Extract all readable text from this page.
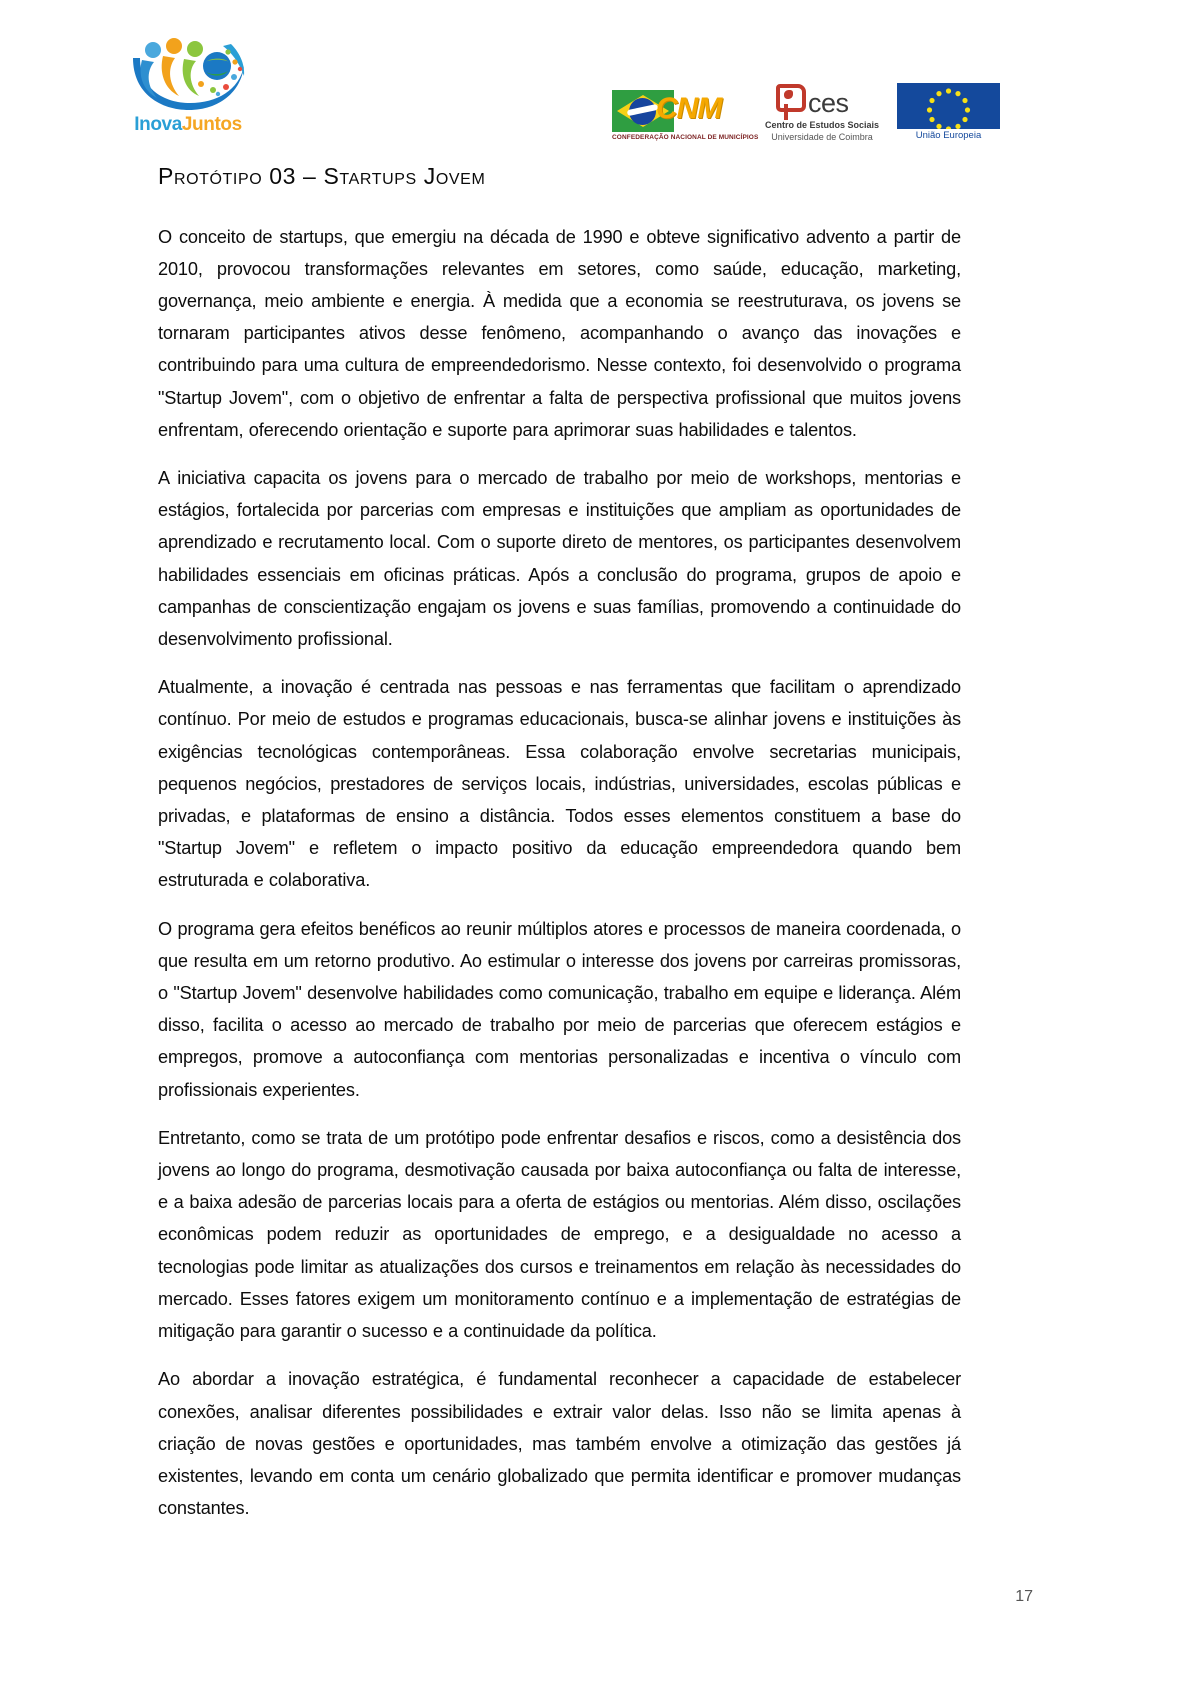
InovaJuntos	CNM
CONFEDERAÇÃO NACIONAL DE MUNICÍPIOS
ces
Centro de Estudos Sociais
Universidade de Coimbra	União Europeia
Protótipo 03 – Startups Jovem

O conceito de startups, que emergiu na década de 1990 e obteve significativo advento a partir de 2010, provocou transformações relevantes em setores, como saúde, educação, marketing, governança, meio ambiente e energia. À medida que a economia se reestruturava, os jovens se tornaram participantes ativos desse fenômeno, acompanhando o avanço das inovações e contribuindo para uma cultura de empreendedorismo. Nesse contexto, foi desenvolvido o programa "Startup Jovem", com o objetivo de enfrentar a falta de perspectiva profissional que muitos jovens enfrentam, oferecendo orientação e suporte para aprimorar suas habilidades e talentos.

A iniciativa capacita os jovens para o mercado de trabalho por meio de workshops, mentorias e estágios, fortalecida por parcerias com empresas e instituições que ampliam as oportunidades de aprendizado e recrutamento local. Com o suporte direto de mentores, os participantes desenvolvem habilidades essenciais em oficinas práticas. Após a conclusão do programa, grupos de apoio e campanhas de conscientização engajam os jovens e suas famílias, promovendo a continuidade do desenvolvimento profissional.

Atualmente, a inovação é centrada nas pessoas e nas ferramentas que facilitam o aprendizado contínuo. Por meio de estudos e programas educacionais, busca-se alinhar jovens e instituições às exigências tecnológicas contemporâneas. Essa colaboração envolve secretarias municipais, pequenos negócios, prestadores de serviços locais, indústrias, universidades, escolas públicas e privadas, e plataformas de ensino a distância. Todos esses elementos constituem a base do "Startup Jovem" e refletem o impacto positivo da educação empreendedora quando bem estruturada e colaborativa.

O programa gera efeitos benéficos ao reunir múltiplos atores e processos de maneira coordenada, o que resulta em um retorno produtivo. Ao estimular o interesse dos jovens por carreiras promissoras, o "Startup Jovem" desenvolve habilidades como comunicação, trabalho em equipe e liderança. Além disso, facilita o acesso ao mercado de trabalho por meio de parcerias que oferecem estágios e empregos, promove a autoconfiança com mentorias personalizadas e incentiva o vínculo com profissionais experientes.

Entretanto, como se trata de um protótipo pode enfrentar desafios e riscos, como a desistência dos jovens ao longo do programa, desmotivação causada por baixa autoconfiança ou falta de interesse, e a baixa adesão de parcerias locais para a oferta de estágios ou mentorias. Além disso, oscilações econômicas podem reduzir as oportunidades de emprego, e a desigualdade no acesso a tecnologias pode limitar as atualizações dos cursos e treinamentos em relação às necessidades do mercado. Esses fatores exigem um monitoramento contínuo e a implementação de estratégias de mitigação para garantir o sucesso e a continuidade da política.

Ao abordar a inovação estratégica, é fundamental reconhecer a capacidade de estabelecer conexões, analisar diferentes possibilidades e extrair valor delas. Isso não se limita apenas à criação de novas gestões e oportunidades, mas também envolve a otimização das gestões já existentes, levando em conta um cenário globalizado que permita identificar e promover mudanças constantes.

17
